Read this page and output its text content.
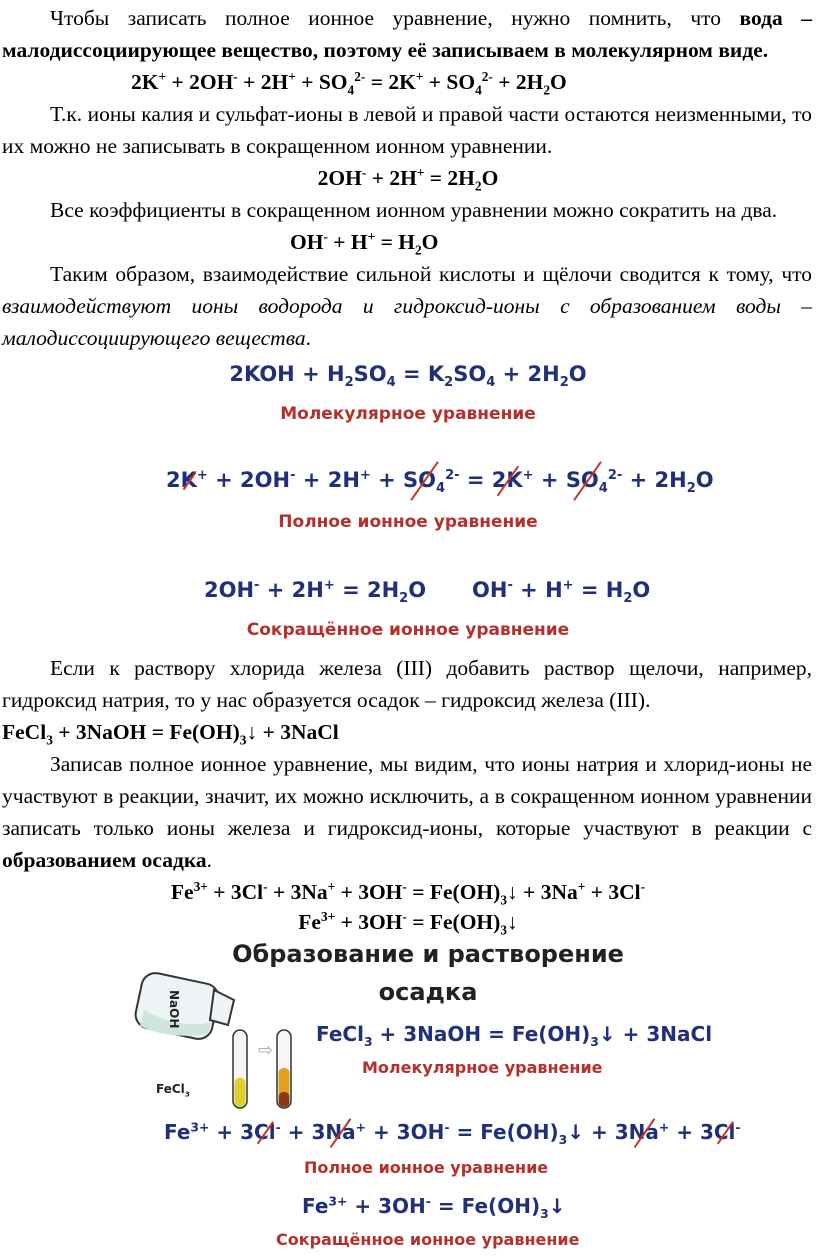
Чтобы записать полное ионное уравнение, нужно помнить, что вода – малодиссоциирующее вещество, поэтому её записываем в молекулярном виде.

$2K^+ + 2OH^- + 2H^+ + SO_4^{2-} = 2K^+ + SO_4^{2-} + 2H_2O$

Т.к. ионы калия и сульфат-ионы в левой и правой части остаются неизменными, то их можно не записывать в сокращенном ионном уравнении.

$2OH^- + 2H^+ = 2H_2O$

Все коэффициенты в сокращенном ионном уравнении можно сократить на два.

$OH^- + H^+ = H_2O$

Таким образом, взаимодействие сильной кислоты и щёлочи сводится к тому, что взаимодействуют ионы водорода и гидроксид-ионы с образованием воды – малодиссоциирующего вещества.

$2KOH + H_2SO_4 = K_2SO_4 + 2H_2O$
Молекулярное уравнение
$2K^+ + 2OH^- + 2H^+ + SO_4^{2-} = 2K^+ + SO_4^{2-} + 2H_2O$
Полное ионное уравнение
$2OH^- + 2H^+ = 2H_2O$ $OH^- + H^+ = H_2O$
Сокращённое ионное уравнение

Если к раствору хлорида железа (III) добавить раствор щелочи, например, гидроксид натрия, то у нас образуется осадок – гидроксид железа (III).

FeCl$_3$ + 3NaOH = $Fe(OH)_3↓$ + 3NaCl

Записав полное ионное уравнение, мы видим, что ионы натрия и хлорид-ионы не участвуют в реакции, значит, их можно исключить, а в сокращенном ионном уравнении записать только ионы железа и гидроксид-ионы, которые участвуют в реакции с образованием осадка.

$Fe^{3+} + 3Cl^- + 3Na^+ + 3OH^-$ = $Fe(OH)_3↓ + 3Na^+ + 3Cl^-$
$Fe^{3+} + 3OH^-$ = $Fe(OH)_3↓$
Образование и растворение
осадка
NaOH
⇨
FeCl$_3$
FeCl$_3$ + 3NaOH = $Fe(OH)_3↓$ + 3NaCl
Молекулярное уравнение
$Fe^{3+} + 3Cl^- + 3Na^+ + 3OH^-$ = $Fe(OH)_3↓ + 3Na^+ + 3Cl^-$
Полное ионное уравнение
$Fe^{3+} + 3OH^-$ = $Fe(OH)_3↓$
Сокращённое ионное уравнение
